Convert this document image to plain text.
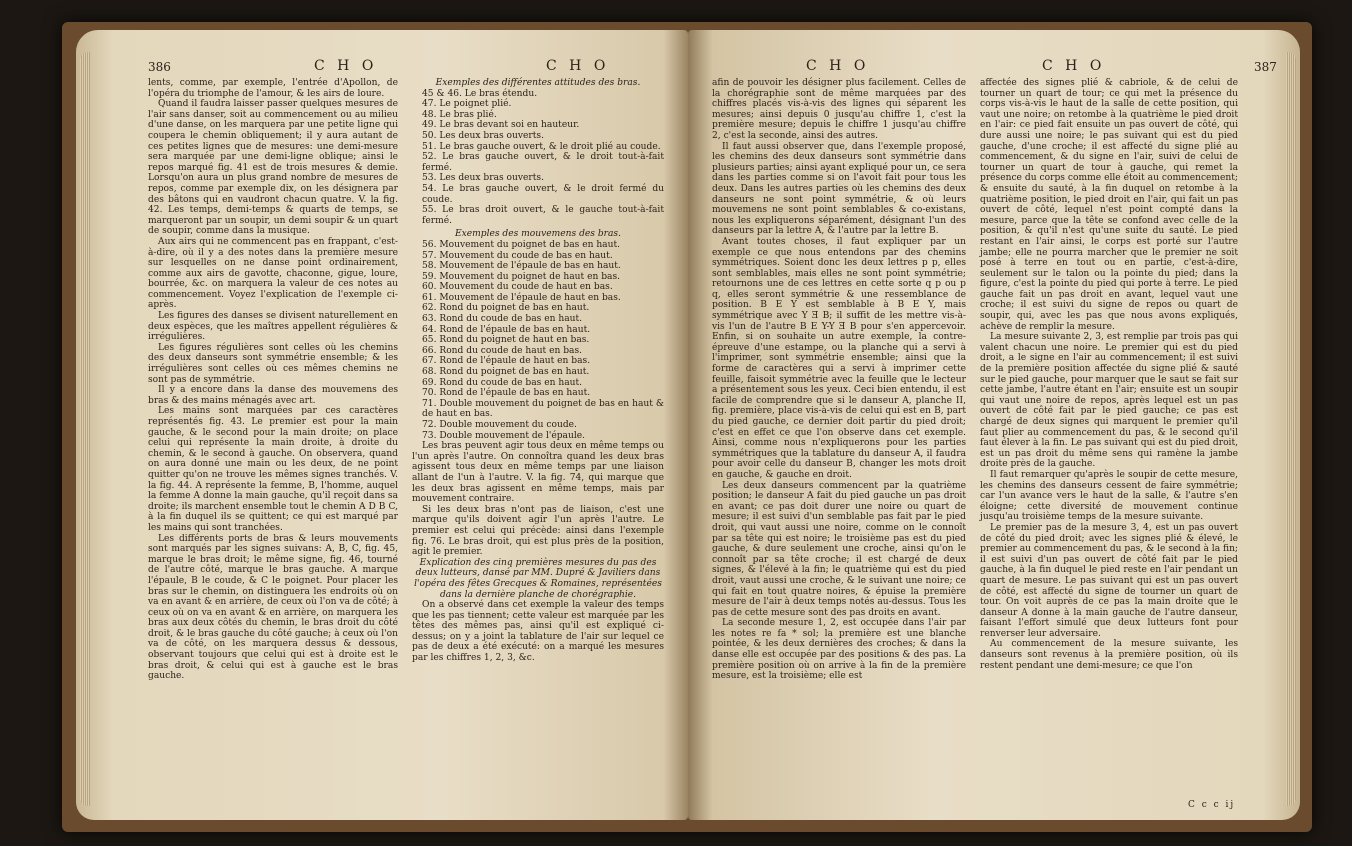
386	C H O	C H O

lents, comme, par exemple, l'entrée d'Apollon, de l'opéra du triomphe de l'amour, & les airs de loure.

Quand il faudra laisser passer quelques mesures de l'air sans danser, soit au commencement ou au milieu d'une danse, on les marquera par une petite ligne qui coupera le chemin obliquement; il y aura autant de ces petites lignes que de mesures: une demi-mesure sera marquée par une demi-ligne oblique; ainsi le repos marqué fig. 41 est de trois mesures & demie. Lorsqu'on aura un plus grand nombre de mesures de repos, comme par exemple dix, on les désignera par des bâtons qui en vaudront chacun quatre. V. la fig. 42. Les temps, demi-temps & quarts de temps, se marqueront par un soupir, un demi soupir & un quart de soupir, comme dans la musique.

Aux airs qui ne commencent pas en frappant, c'est-à-dire, où il y a des notes dans la première mesure sur lesquelles on ne danse point ordinairement, comme aux airs de gavotte, chaconne, gigue, loure, bourrée, &c. on marquera la valeur de ces notes au commencement. Voyez l'explication de l'exemple ci-après.

Les figures des danses se divisent naturellement en deux espèces, que les maîtres appellent régulières & irrégulières.

Les figures régulières sont celles où les chemins des deux danseurs sont symmétrie ensemble; & les irrégulières sont celles où ces mêmes chemins ne sont pas de symmétrie.

Il y a encore dans la danse des mouvemens des bras & des mains ménagés avec art.

Les mains sont marquées par ces caractères représentés fig. 43. Le premier est pour la main gauche, & le second pour la main droite; on place celui qui représente la main droite, à droite du chemin, & le second à gauche. On observera, quand on aura donné une main ou les deux, de ne point quitter qu'on ne trouve les mêmes signes tranchés. V. la fig. 44. A représente la femme, B, l'homme, auquel la femme A donne la main gauche, qu'il reçoit dans sa droite; ils marchent ensemble tout le chemin A D B C, à la fin duquel ils se quittent; ce qui est marqué par les mains qui sont tranchées.

Les différents ports de bras & leurs mouvements sont marqués par les signes suivans: A, B, C, fig. 45, marque le bras droit; le même signe, fig. 46, tourné de l'autre côté, marque le bras gauche. A marque l'épaule, B le coude, & C le poignet. Pour placer les bras sur le chemin, on distinguera les endroits où on va en avant & en arrière, de ceux où l'on va de côté; à ceux où on va en avant & en arrière, on marquera les bras aux deux côtés du chemin, le bras droit du côté droit, & le bras gauche du côté gauche; à ceux où l'on va de côté, on les marquera dessus & dessous, observant toujours que celui qui est à droite est le bras droit, & celui qui est à gauche est le bras gauche.

Exemples des différentes attitudes des bras.

45 & 46. Le bras étendu.

47. Le poignet plié.

48. Le bras plié.

49. Le bras devant soi en hauteur.

50. Les deux bras ouverts.

51. Le bras gauche ouvert, & le droit plié au coude.

52. Le bras gauche ouvert, & le droit tout-à-fait fermé.

53. Les deux bras ouverts.

54. Le bras gauche ouvert, & le droit fermé du coude.

55. Le bras droit ouvert, & le gauche tout-à-fait fermé.

Exemples des mouvemens des bras.

56. Mouvement du poignet de bas en haut.

57. Mouvement du coude de bas en haut.

58. Mouvement de l'épaule de bas en haut.

59. Mouvement du poignet de haut en bas.

60. Mouvement du coude de haut en bas.

61. Mouvement de l'épaule de haut en bas.

62. Rond du poignet de bas en haut.

63. Rond du coude de bas en haut.

64. Rond de l'épaule de bas en haut.

65. Rond du poignet de haut en bas.

66. Rond du coude de haut en bas.

67. Rond de l'épaule de haut en bas.

68. Rond du poignet de bas en haut.

69. Rond du coude de bas en haut.

70. Rond de l'épaule de bas en haut.

71. Double mouvement du poignet de bas en haut & de haut en bas.

72. Double mouvement du coude.

73. Double mouvement de l'épaule.

Les bras peuvent agir tous deux en même temps ou l'un après l'autre. On connoîtra quand les deux bras agissent tous deux en même temps par une liaison allant de l'un à l'autre. V. la fig. 74, qui marque que les deux bras agissent en même temps, mais par mouvement contraire.

Si les deux bras n'ont pas de liaison, c'est une marque qu'ils doivent agir l'un après l'autre. Le premier est celui qui précède: ainsi dans l'exemple fig. 76. Le bras droit, qui est plus près de la position, agit le premier.

Explication des cinq premières mesures du pas des deux lutteurs, dansé par MM. Dupré & Javiliers dans l'opéra des fêtes Grecques & Romaines, représentées dans la dernière planche de chorégraphie.

On a observé dans cet exemple la valeur des temps que les pas tiennent; cette valeur est marquée par les têtes des mêmes pas, ainsi qu'il est expliqué ci-dessus; on y a joint la tablature de l'air sur lequel ce pas de deux a été exécuté: on a marqué les mesures par les chiffres 1, 2, 3, &c.

C H O	C H O	387

afin de pouvoir les désigner plus facilement. Celles de la chorégraphie sont de même marquées par des chiffres placés vis-à-vis des lignes qui séparent les mesures; ainsi depuis 0 jusqu'au chiffre 1, c'est la première mesure; depuis le chiffre 1 jusqu'au chiffre 2, c'est la seconde, ainsi des autres.

Il faut aussi observer que, dans l'exemple proposé, les chemins des deux danseurs sont symmétrie dans plusieurs parties; ainsi ayant expliqué pour un, ce sera dans les parties comme si on l'avoit fait pour tous les deux. Dans les autres parties où les chemins des deux danseurs ne sont point symmétrie, & où leurs mouvemens ne sont point semblables & co-existans, nous les expliquerons séparément, désignant l'un des danseurs par la lettre A, & l'autre par la lettre B.

Avant toutes choses, il faut expliquer par un exemple ce que nous entendons par des chemins symmétriques. Soient donc les deux lettres p p, elles sont semblables, mais elles ne sont point symmétrie; retournons une de ces lettres en cette sorte q p ou p q, elles seront symmétrie & une ressemblance de position. B E Y est semblable à B E Y, mais symmétrique avec Y Ǝ B; il suffit de les mettre vis-à-vis l'un de l'autre B E Y-Y Ǝ B pour s'en appercevoir. Enfin, si on souhaite un autre exemple, la contre-épreuve d'une estampe, ou la planche qui a servi à l'imprimer, sont symmétrie ensemble; ainsi que la forme de caractères qui a servi à imprimer cette feuille, faisoit symmétrie avec la feuille que le lecteur a présentement sous les yeux. Ceci bien entendu, il est facile de comprendre que si le danseur A, planche II, fig. première, place vis-à-vis de celui qui est en B, part du pied gauche, ce dernier doit partir du pied droit; c'est en effet ce que l'on observe dans cet exemple. Ainsi, comme nous n'expliquerons pour les parties symmétriques que la tablature du danseur A, il faudra pour avoir celle du danseur B, changer les mots droit en gauche, & gauche en droit.

Les deux danseurs commencent par la quatrième position; le danseur A fait du pied gauche un pas droit en avant; ce pas doit durer une noire ou quart de mesure; il est suivi d'un semblable pas fait par le pied droit, qui vaut aussi une noire, comme on le connoît par sa tête qui est noire; le troisième pas est du pied gauche, & dure seulement une croche, ainsi qu'on le connoît par sa tête croche; il est chargé de deux signes, & l'élevé à la fin; le quatrième qui est du pied droit, vaut aussi une croche, & le suivant une noire; ce qui fait en tout quatre noires, & épuise la première mesure de l'air à deux temps notés au-dessus. Tous les pas de cette mesure sont des pas droits en avant.

La seconde mesure 1, 2, est occupée dans l'air par les notes re fa * sol; la première est une blanche pointée, & les deux dernières des croches; & dans la danse elle est occupée par des positions & des pas. La première position où on arrive à la fin de la première mesure, est la troisième; elle est

affectée des signes plié & cabriole, & de celui de tourner un quart de tour; ce qui met la présence du corps vis-à-vis le haut de la salle de cette position, qui vaut une noire; on retombe à la quatrième le pied droit en l'air: ce pied fait ensuite un pas ouvert de côté, qui dure aussi une noire; le pas suivant qui est du pied gauche, d'une croche; il est affecté du signe plié au commencement, & du signe en l'air, suivi de celui de tourner un quart de tour à gauche, qui remet la présence du corps comme elle étoit au commencement; & ensuite du sauté, à la fin duquel on retombe à la quatrième position, le pied droit en l'air, qui fait un pas ouvert de côté, lequel n'est point compté dans la mesure, parce que la tête se confond avec celle de la position, & qu'il n'est qu'une suite du sauté. Le pied restant en l'air ainsi, le corps est porté sur l'autre jambe; elle ne pourra marcher que le premier ne soit posé à terre en tout ou en partie, c'est-à-dire, seulement sur le talon ou la pointe du pied; dans la figure, c'est la pointe du pied qui porte à terre. Le pied gauche fait un pas droit en avant, lequel vaut une croche; il est suivi du signe de repos ou quart de soupir, qui, avec les pas que nous avons expliqués, achève de remplir la mesure.

La mesure suivante 2, 3, est remplie par trois pas qui valent chacun une noire. Le premier qui est du pied droit, a le signe en l'air au commencement; il est suivi de la première position affectée du signe plié & sauté sur le pied gauche, pour marquer que le saut se fait sur cette jambe, l'autre étant en l'air; ensuite est un soupir qui vaut une noire de repos, après lequel est un pas ouvert de côté fait par le pied gauche; ce pas est chargé de deux signes qui marquent le premier qu'il faut plier au commencement du pas, & le second qu'il faut élever à la fin. Le pas suivant qui est du pied droit, est un pas droit du même sens qui ramène la jambe droite près de la gauche.

Il faut remarquer qu'après le soupir de cette mesure, les chemins des danseurs cessent de faire symmétrie; car l'un avance vers le haut de la salle, & l'autre s'en éloigne; cette diversité de mouvement continue jusqu'au troisième temps de la mesure suivante.

Le premier pas de la mesure 3, 4, est un pas ouvert de côté du pied droit; avec les signes plié & élevé, le premier au commencement du pas, & le second à la fin; il est suivi d'un pas ouvert de côté fait par le pied gauche, à la fin duquel le pied reste en l'air pendant un quart de mesure. Le pas suivant qui est un pas ouvert de côté, est affecté du signe de tourner un quart de tour. On voit auprès de ce pas la main droite que le danseur A donne à la main gauche de l'autre danseur, faisant l'effort simulé que deux lutteurs font pour renverser leur adversaire.

Au commencement de la mesure suivante, les danseurs sont revenus à la première position, où ils restent pendant une demi-mesure; ce que l'on

C c c ij
